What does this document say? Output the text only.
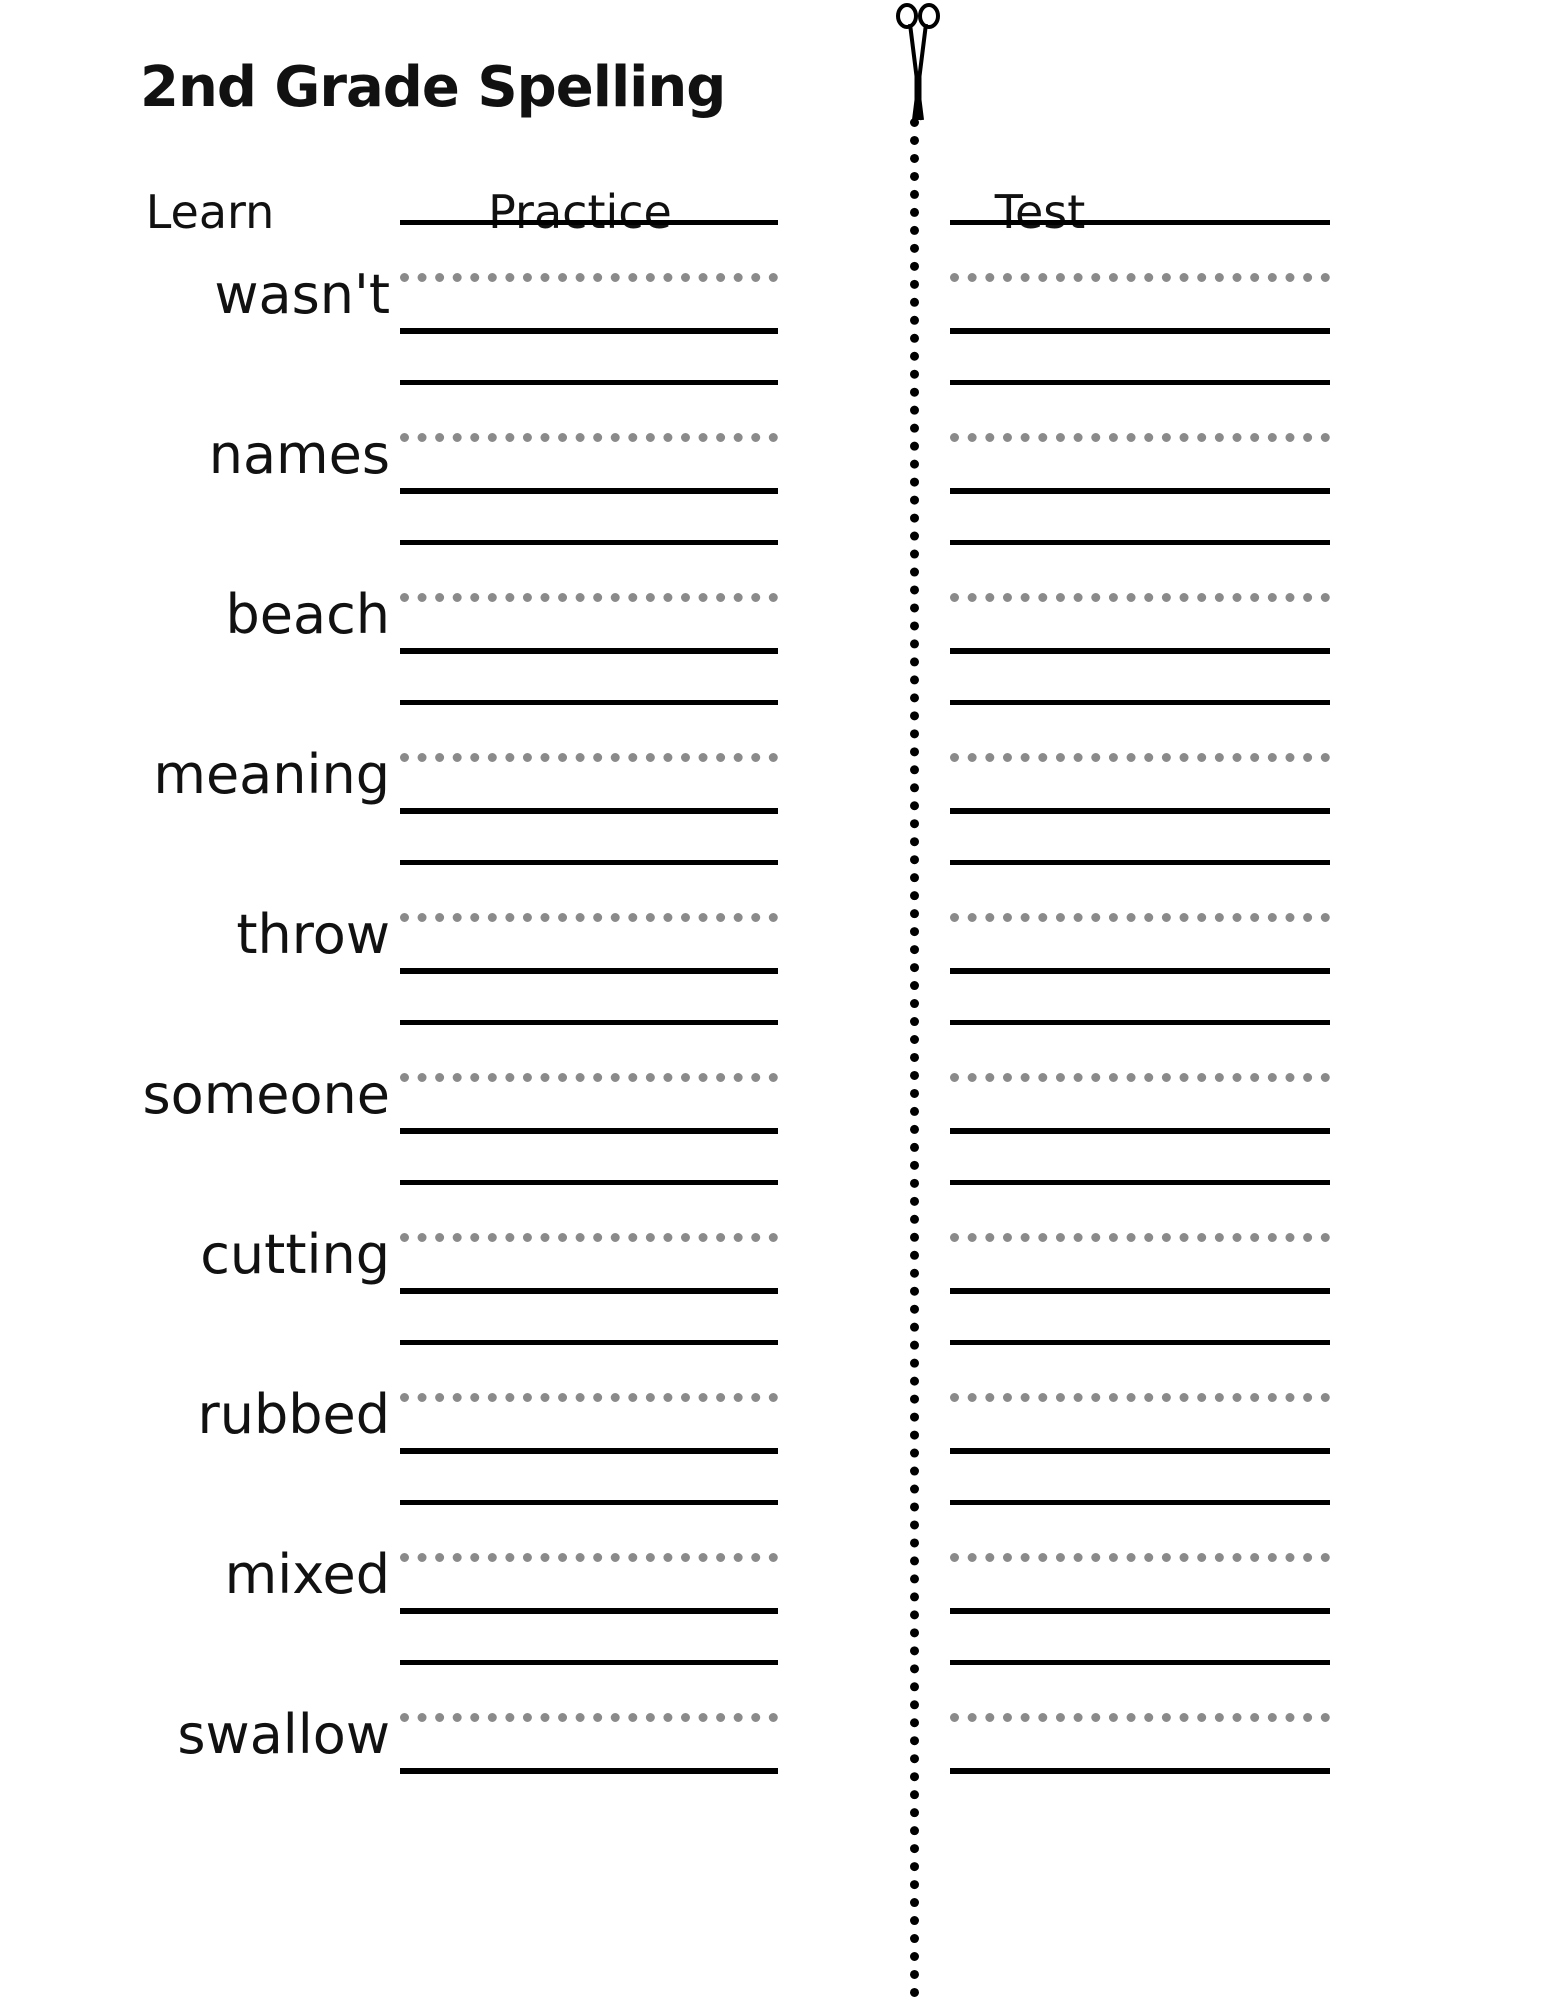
2nd Grade Spelling
Learn	Practice	Test
wasn't
names
beach
meaning
throw
someone
cutting
rubbed
mixed
swallow
